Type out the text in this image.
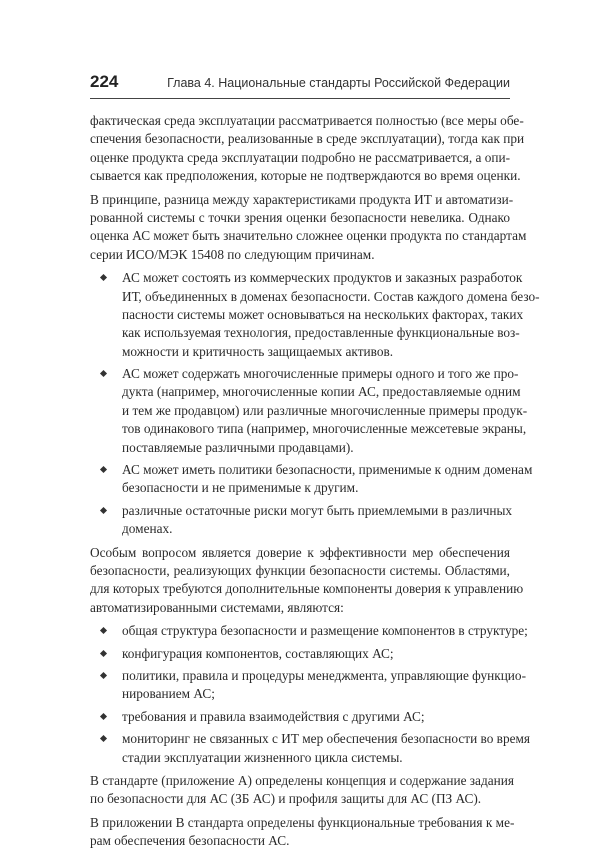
224	Глава 4. Национальные стандарты Российской Федерации
фактическая среда эксплуатации рассматривается полностью (все меры обе-
спечения безопасности, реализованные в среде эксплуатации), тогда как при
оценке продукта среда эксплуатации подробно не рассматривается, а опи-
сывается как предположения, которые не подтверждаются во время оценки.
В принципе, разница между характеристиками продукта ИТ и автоматизи-
рованной системы с точки зрения оценки безопасности невелика. Однако
оценка АС может быть значительно сложнее оценки продукта по стандартам
серии ИСО/МЭК 15408 по следующим причинам.
АС может состоять из коммерческих продуктов и заказных разработок
ИТ, объединенных в доменах безопасности. Состав каждого домена безо-
пасности системы может основываться на нескольких факторах, таких
как используемая технология, предоставленные функциональные воз-
можности и критичность защищаемых активов.
АС может содержать многочисленные примеры одного и того же про-
дукта (например, многочисленные копии АС, предоставляемые одним
и тем же продавцом) или различные многочисленные примеры продук-
тов одинакового типа (например, многочисленные межсетевые экраны,
поставляемые различными продавцами).
АС может иметь политики безопасности, применимые к одним доменам
безопасности и не применимые к другим.
различные остаточные риски могут быть приемлемыми в различных
доменах.
Особым вопросом является доверие к эффективности мер обеспечения
безопасности, реализующих функции безопасности системы. Областями,
для которых требуются дополнительные компоненты доверия к управлению
автоматизированными системами, являются:
общая структура безопасности и размещение компонентов в структуре;
конфигурация компонентов, составляющих АС;
политики, правила и процедуры менеджмента, управляющие функцио-
нированием АС;
требования и правила взаимодействия с другими АС;
мониторинг не связанных с ИТ мер обеспечения безопасности во время
стадии эксплуатации жизненного цикла системы.
В стандарте (приложение А) определены концепция и содержание задания
по безопасности для АС (ЗБ АС) и профиля защиты для АС (ПЗ АС).
В приложении В стандарта определены функциональные требования к ме-
рам обеспечения безопасности АС.
